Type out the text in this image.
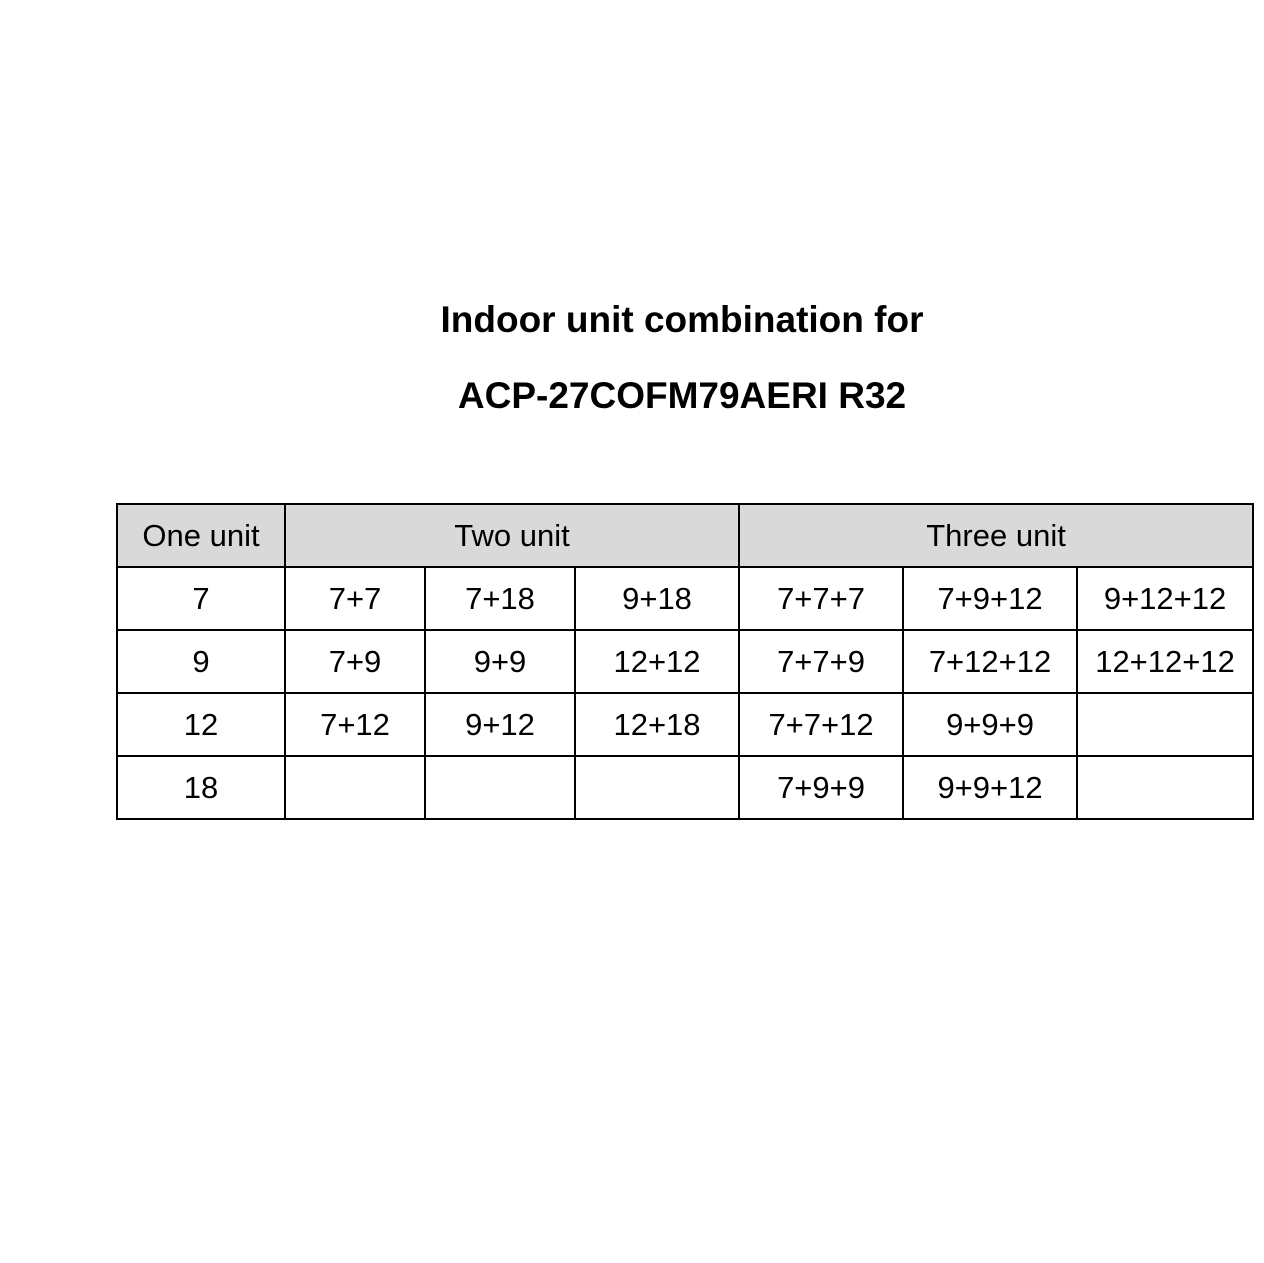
Indoor unit combination for
ACP-27COFM79AERI R32
One unit	Two unit			Three unit		
7	7+7	7+18	9+18	7+7+7	7+9+12	9+12+12
9	7+9	9+9	12+12	7+7+9	7+12+12	12+12+12
12	7+12	9+12	12+18	7+7+12	9+9+9	
18				7+9+9	9+9+12	
